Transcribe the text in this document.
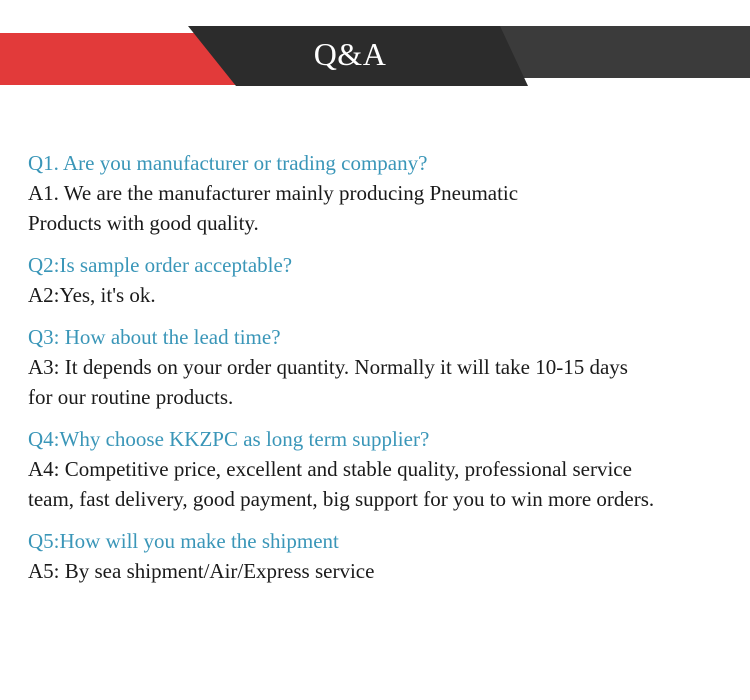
Q&A
Q1. Are you manufacturer or trading company?
A1. We are the manufacturer mainly producing Pneumatic
Products with good quality.
Q2:Is sample order acceptable?
A2:Yes, it's ok.
Q3: How about the lead time?
A3: It depends on your order quantity. Normally it will take 10-15 days
for our routine products.
Q4:Why choose KKZPC as long term supplier?
A4: Competitive price, excellent and stable quality, professional service
team, fast delivery, good payment, big support for you to win more orders.
Q5:How will you make the shipment
A5: By sea shipment/Air/Express service
